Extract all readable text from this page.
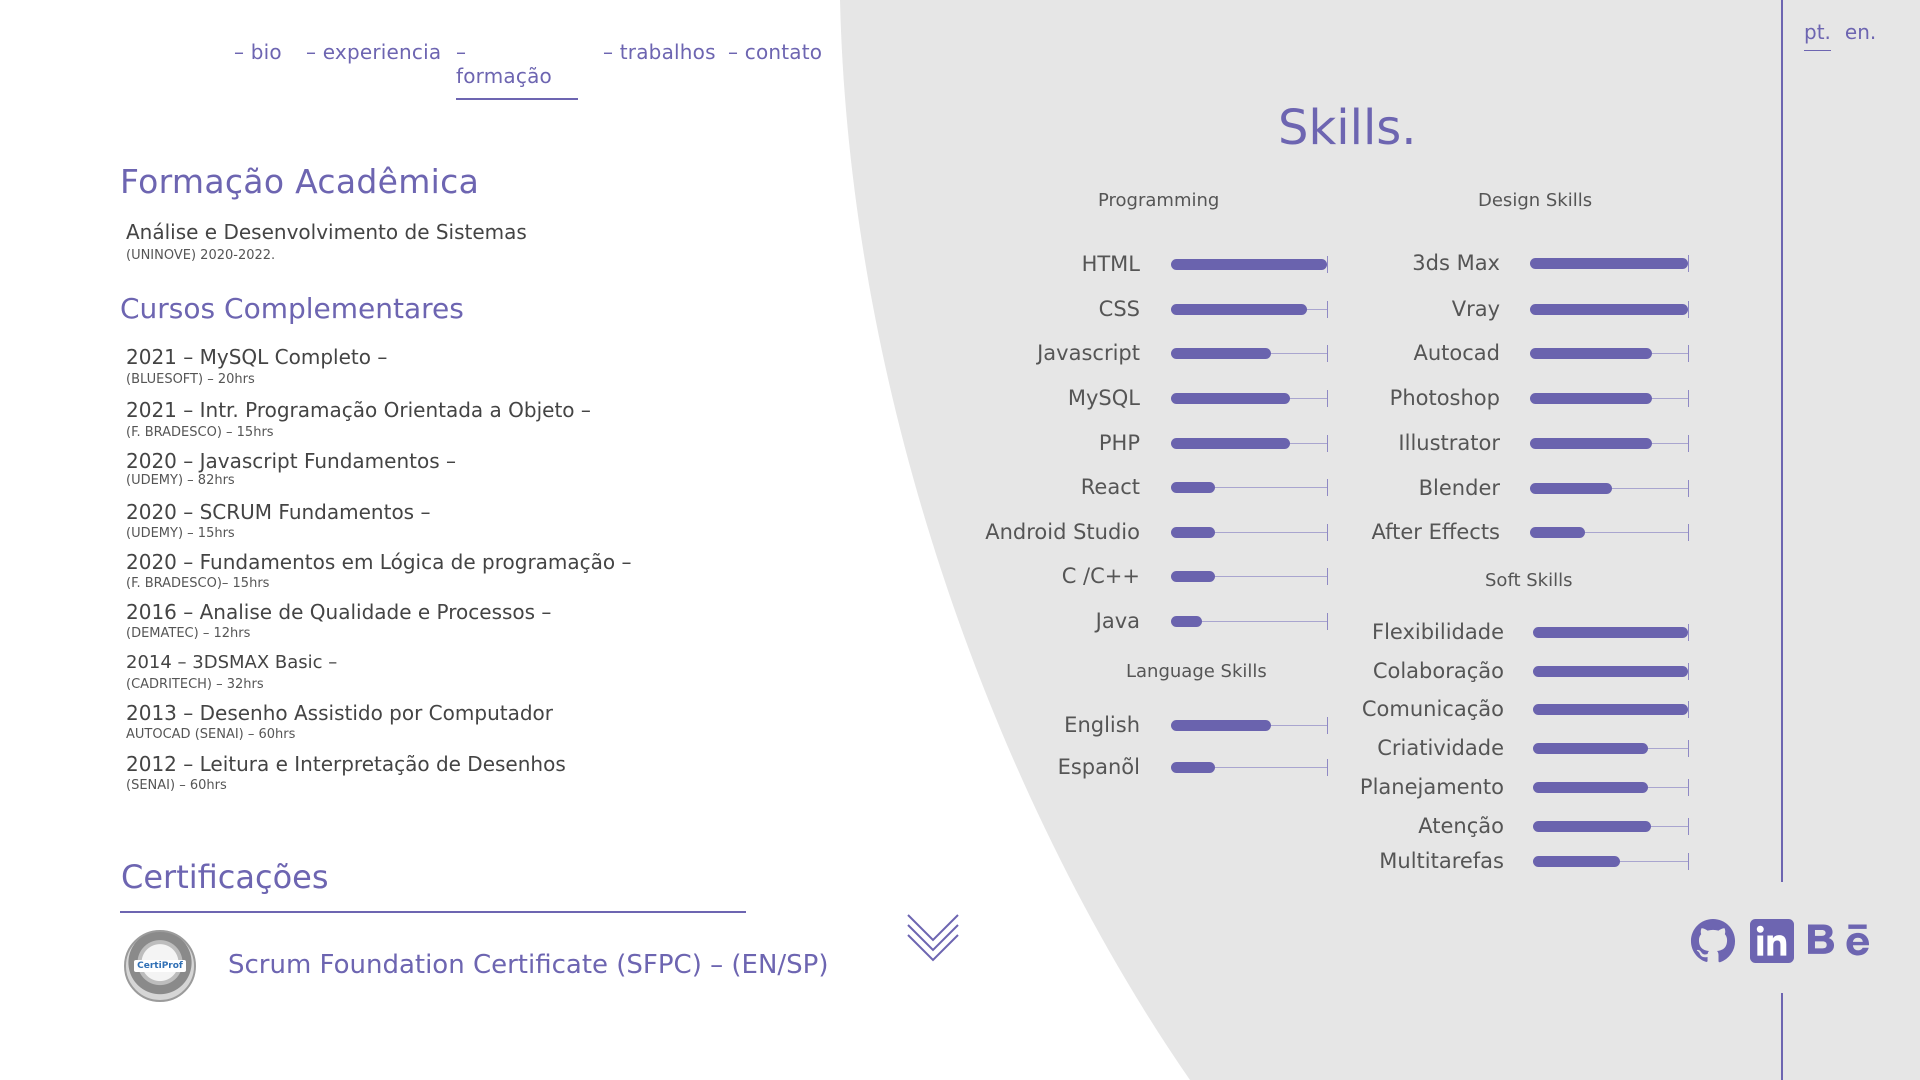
– bio	– experiencia – formação
– trabalhos – contato
pt. en.
Formação Acadêmica
Análise e Desenvolvimento de Sistemas
(UNINOVE) 2020-2022.
Cursos Complementares
2021 – MySQL Completo –
(BLUESOFT) – 20hrs
2021 – Intr. Programação Orientada a Objeto –
(F. BRADESCO) – 15hrs
2020 – Javascript Fundamentos –
(UDEMY) – 82hrs
2020 – SCRUM Fundamentos –
(UDEMY) – 15hrs
2020 – Fundamentos em Lógica de programação –
(F. BRADESCO)– 15hrs
2016 – Analise de Qualidade e Processos –
(DEMATEC) – 12hrs
2014 – 3DSMAX Basic –
(CADRITECH) – 32hrs
2013 – Desenho Assistido por Computador
AUTOCAD (SENAI) – 60hrs
2012 – Leitura e Interpretação de Desenhos
(SENAI) – 60hrs
Certificações
CertiProf Scrum Foundation Certificate (SFPC) – (EN/SP)
Skills.
Programming	Design Skills
Language Skills
Soft Skills
HTML
CSS
Javascript
MySQL
PHP
React
Android Studio
C /C++
Java
English
Espanõl
3ds Max
Vray
Autocad
Photoshop
Illustrator
Blender
After Effects
Flexibilidade
Colaboração
Comunicação
Criatividade
Planejamento
Atenção
Multitarefas
